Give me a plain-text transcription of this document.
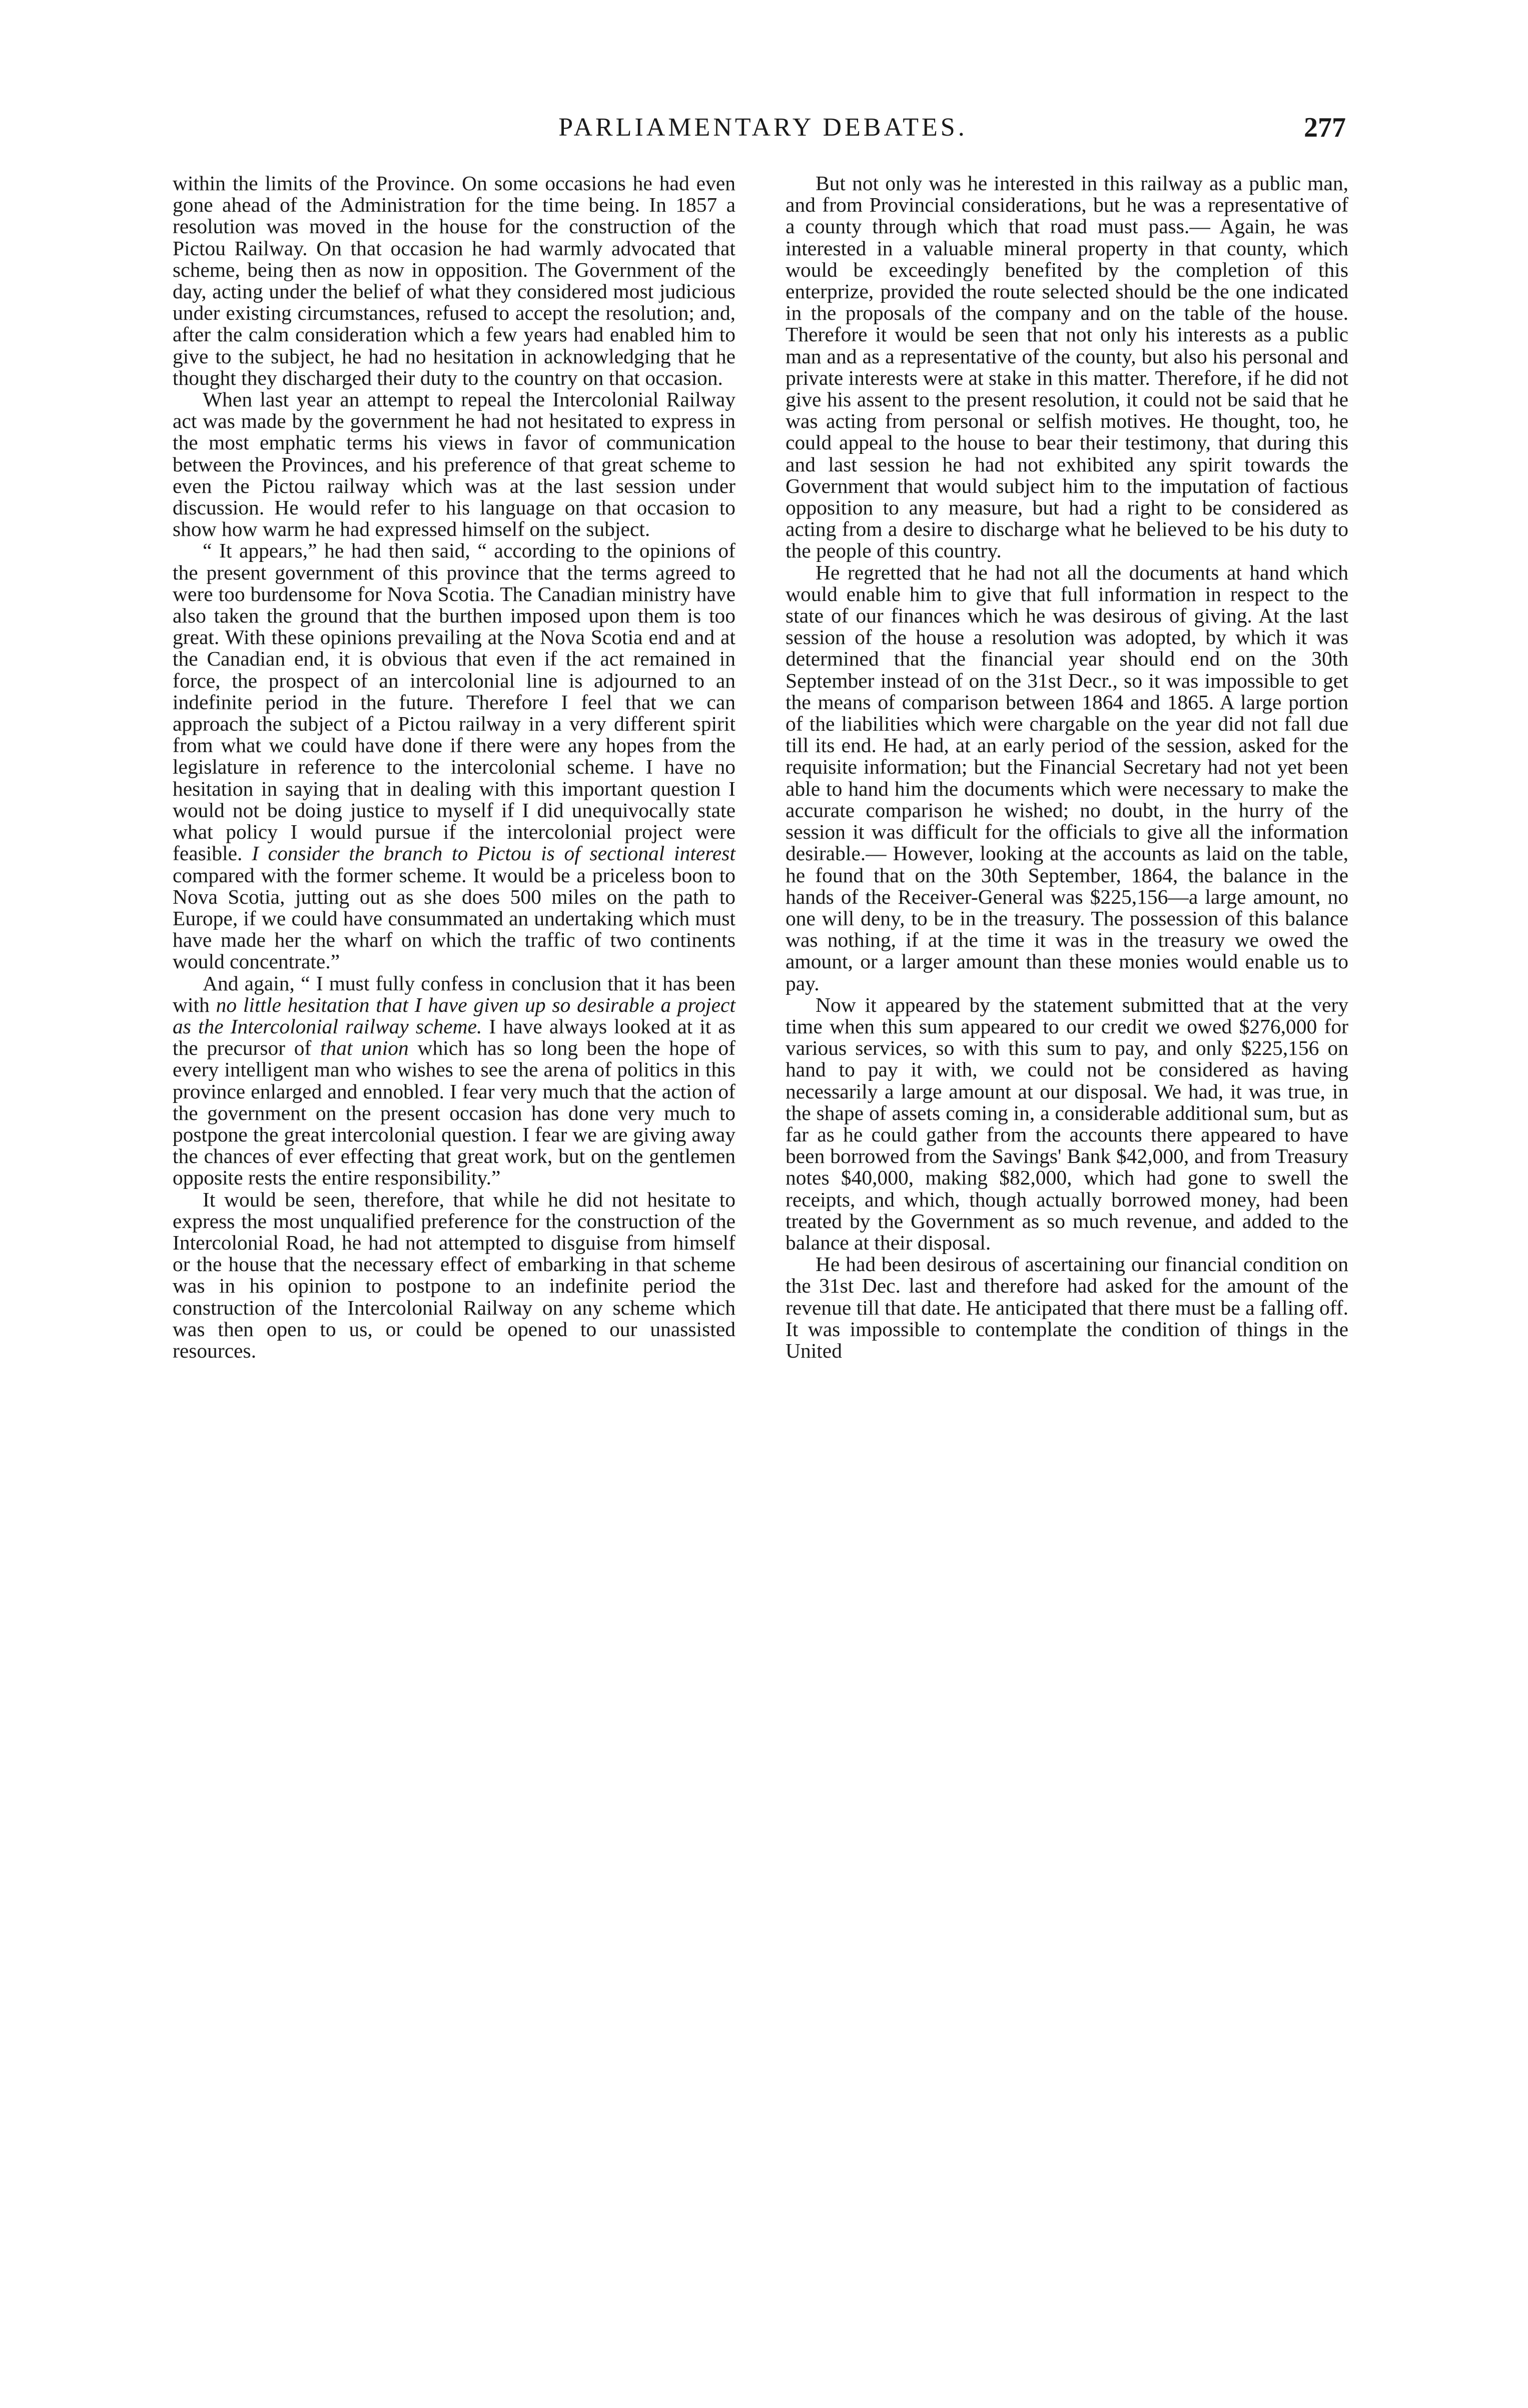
PARLIAMENTARY DEBATES.	277

within the limits of the Province. On some occasions he had even gone ahead of the Administration for the time being. In 1857 a resolution was moved in the house for the construction of the Pictou Railway. On that occasion he had warmly advocated that scheme, being then as now in opposition. The Government of the day, acting under the belief of what they considered most judicious under existing circumstances, refused to accept the resolution; and, after the calm consideration which a few years had enabled him to give to the subject, he had no hesitation in acknowledging that he thought they discharged their duty to the country on that occasion.

When last year an attempt to repeal the Intercolonial Railway act was made by the government he had not hesitated to express in the most emphatic terms his views in favor of communication between the Provinces, and his preference of that great scheme to even the Pictou railway which was at the last session under discussion. He would refer to his language on that occasion to show how warm he had expressed himself on the subject.

“ It appears,” he had then said, “ according to the opinions of the present government of this province that the terms agreed to were too burdensome for Nova Scotia. The Canadian ministry have also taken the ground that the burthen imposed upon them is too great. With these opinions prevailing at the Nova Scotia end and at the Canadian end, it is obvious that even if the act remained in force, the prospect of an intercolonial line is adjourned to an indefinite period in the future. Therefore I feel that we can approach the subject of a Pictou railway in a very different spirit from what we could have done if there were any hopes from the legislature in reference to the intercolonial scheme. I have no hesitation in saying that in dealing with this important question I would not be doing justice to myself if I did unequivocally state what policy I would pursue if the intercolonial project were feasible. I consider the branch to Pictou is of sectional interest compared with the former scheme. It would be a priceless boon to Nova Scotia, jutting out as she does 500 miles on the path to Europe, if we could have consummated an undertaking which must have made her the wharf on which the traffic of two continents would concentrate.”

And again, “ I must fully confess in conclusion that it has been with no little hesitation that I have given up so desirable a project as the Intercolonial railway scheme. I have always looked at it as the precursor of that union which has so long been the hope of every intelligent man who wishes to see the arena of politics in this province enlarged and ennobled. I fear very much that the action of the government on the present occasion has done very much to postpone the great intercolonial question. I fear we are giving away the chances of ever effecting that great work, but on the gentlemen opposite rests the entire responsibility.”

It would be seen, therefore, that while he did not hesitate to express the most unqualified preference for the construction of the Intercolonial Road, he had not attempted to disguise from himself or the house that the necessary effect of embarking in that scheme was in his opinion to postpone to an indefinite period the construction of the Intercolonial Railway on any scheme which was then open to us, or could be opened to our unassisted resources.

But not only was he interested in this railway as a public man, and from Provincial considerations, but he was a representative of a county through which that road must pass.— Again, he was interested in a valuable mineral property in that county, which would be exceedingly benefited by the completion of this enterprize, provided the route selected should be the one indicated in the proposals of the company and on the table of the house. Therefore it would be seen that not only his interests as a public man and as a representative of the county, but also his personal and private interests were at stake in this matter. Therefore, if he did not give his assent to the present resolution, it could not be said that he was acting from personal or selfish motives. He thought, too, he could appeal to the house to bear their testimony, that during this and last session he had not exhibited any spirit towards the Government that would subject him to the imputation of factious opposition to any measure, but had a right to be considered as acting from a desire to discharge what he believed to be his duty to the people of this country.

He regretted that he had not all the documents at hand which would enable him to give that full information in respect to the state of our finances which he was desirous of giving. At the last session of the house a resolution was adopted, by which it was determined that the financial year should end on the 30th September instead of on the 31st Decr., so it was impossible to get the means of comparison between 1864 and 1865. A large portion of the liabilities which were chargable on the year did not fall due till its end. He had, at an early period of the session, asked for the requisite information; but the Financial Secretary had not yet been able to hand him the documents which were necessary to make the accurate comparison he wished; no doubt, in the hurry of the session it was difficult for the officials to give all the information desirable.— However, looking at the accounts as laid on the table, he found that on the 30th September, 1864, the balance in the hands of the Receiver-General was $225,156—a large amount, no one will deny, to be in the treasury. The possession of this balance was nothing, if at the time it was in the treasury we owed the amount, or a larger amount than these monies would enable us to pay.

Now it appeared by the statement submitted that at the very time when this sum appeared to our credit we owed $276,000 for various services, so with this sum to pay, and only $225,156 on hand to pay it with, we could not be considered as having necessarily a large amount at our disposal. We had, it was true, in the shape of assets coming in, a considerable additional sum, but as far as he could gather from the accounts there appeared to have been borrowed from the Savings' Bank $42,000, and from Treasury notes $40,000, making $82,000, which had gone to swell the receipts, and which, though actually borrowed money, had been treated by the Government as so much revenue, and added to the balance at their disposal.

He had been desirous of ascertaining our financial condition on the 31st Dec. last and therefore had asked for the amount of the revenue till that date. He anticipated that there must be a falling off. It was impossible to contemplate the condition of things in the United
